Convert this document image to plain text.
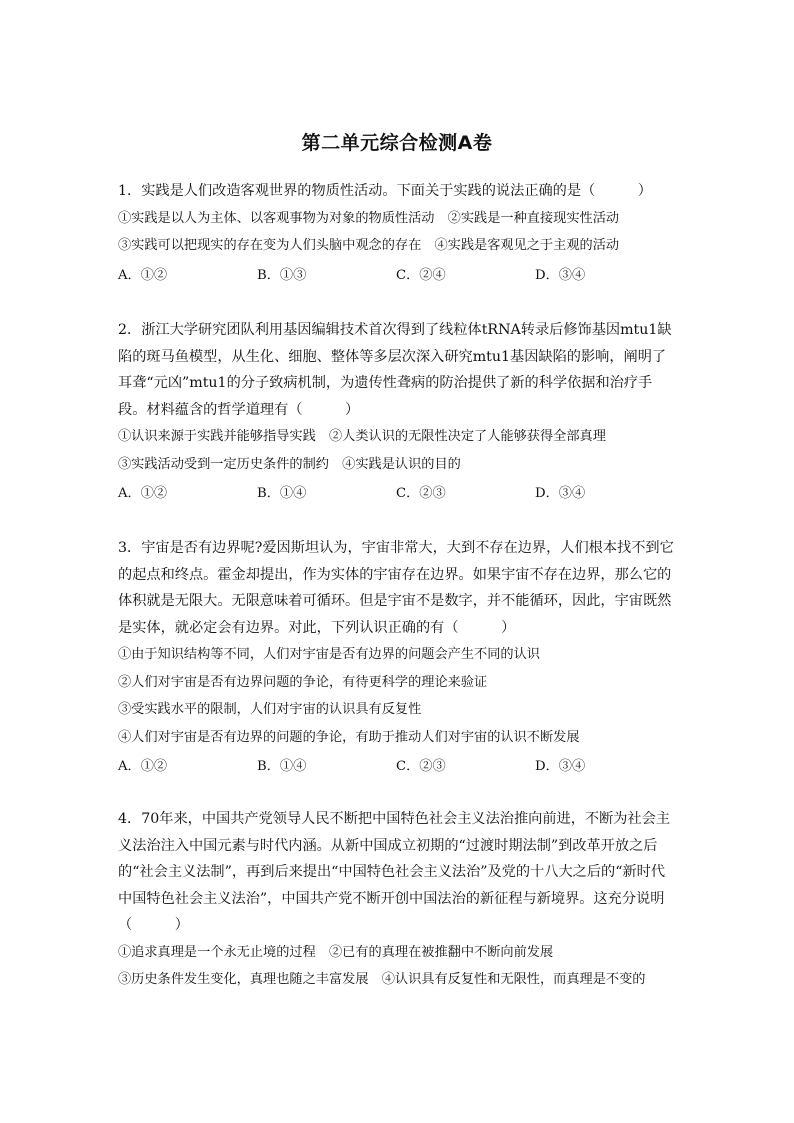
第二单元综合检测A卷

1．实践是人们改造客观世界的物质性活动。下面关于实践的说法正确的是（　　　）

①实践是以人为主体、以客观事物为对象的物质性活动　②实践是一种直接现实性活动

③实践可以把现实的存在变为人们头脑中观念的存在　④实践是客观见之于主观的活动

A．①②	B．①③	C．②④	D．③④

2．浙江大学研究团队利用基因编辑技术首次得到了线粒体tRNA转录后修饰基因mtu1缺陷的斑马鱼模型，从生化、细胞、整体等多层次深入研究mtu1基因缺陷的影响，阐明了耳聋“元凶”mtu1的分子致病机制，为遗传性聋病的防治提供了新的科学依据和治疗手段。材料蕴含的哲学道理有（　　　）

①认识来源于实践并能够指导实践　②人类认识的无限性决定了人能够获得全部真理

③实践活动受到一定历史条件的制约　④实践是认识的目的

A．①②	B．①④	C．②③	D．③④

3．宇宙是否有边界呢?爱因斯坦认为，宇宙非常大，大到不存在边界，人们根本找不到它的起点和终点。霍金却提出，作为实体的宇宙存在边界。如果宇宙不存在边界，那么它的体积就是无限大。无限意味着可循环。但是宇宙不是数字，并不能循环，因此，宇宙既然是实体，就必定会有边界。对此，下列认识正确的有（　　　）

①由于知识结构等不同，人们对宇宙是否有边界的问题会产生不同的认识

②人们对宇宙是否有边界问题的争论，有待更科学的理论来验证

③受实践水平的限制，人们对宇宙的认识具有反复性

④人们对宇宙是否有边界的问题的争论，有助于推动人们对宇宙的认识不断发展

A．①②	B．①④	C．②③	D．③④

4．70年来，中国共产党领导人民不断把中国特色社会主义法治推向前进，不断为社会主义法治注入中国元素与时代内涵。从新中国成立初期的“过渡时期法制”到改革开放之后的“社会主义法制”，再到后来提出“中国特色社会主义法治”及党的十八大之后的“新时代中国特色社会主义法治”，中国共产党不断开创中国法治的新征程与新境界。这充分说明（　　　）

①追求真理是一个永无止境的过程　②已有的真理在被推翻中不断向前发展

③历史条件发生变化，真理也随之丰富发展　④认识具有反复性和无限性，而真理是不变的
